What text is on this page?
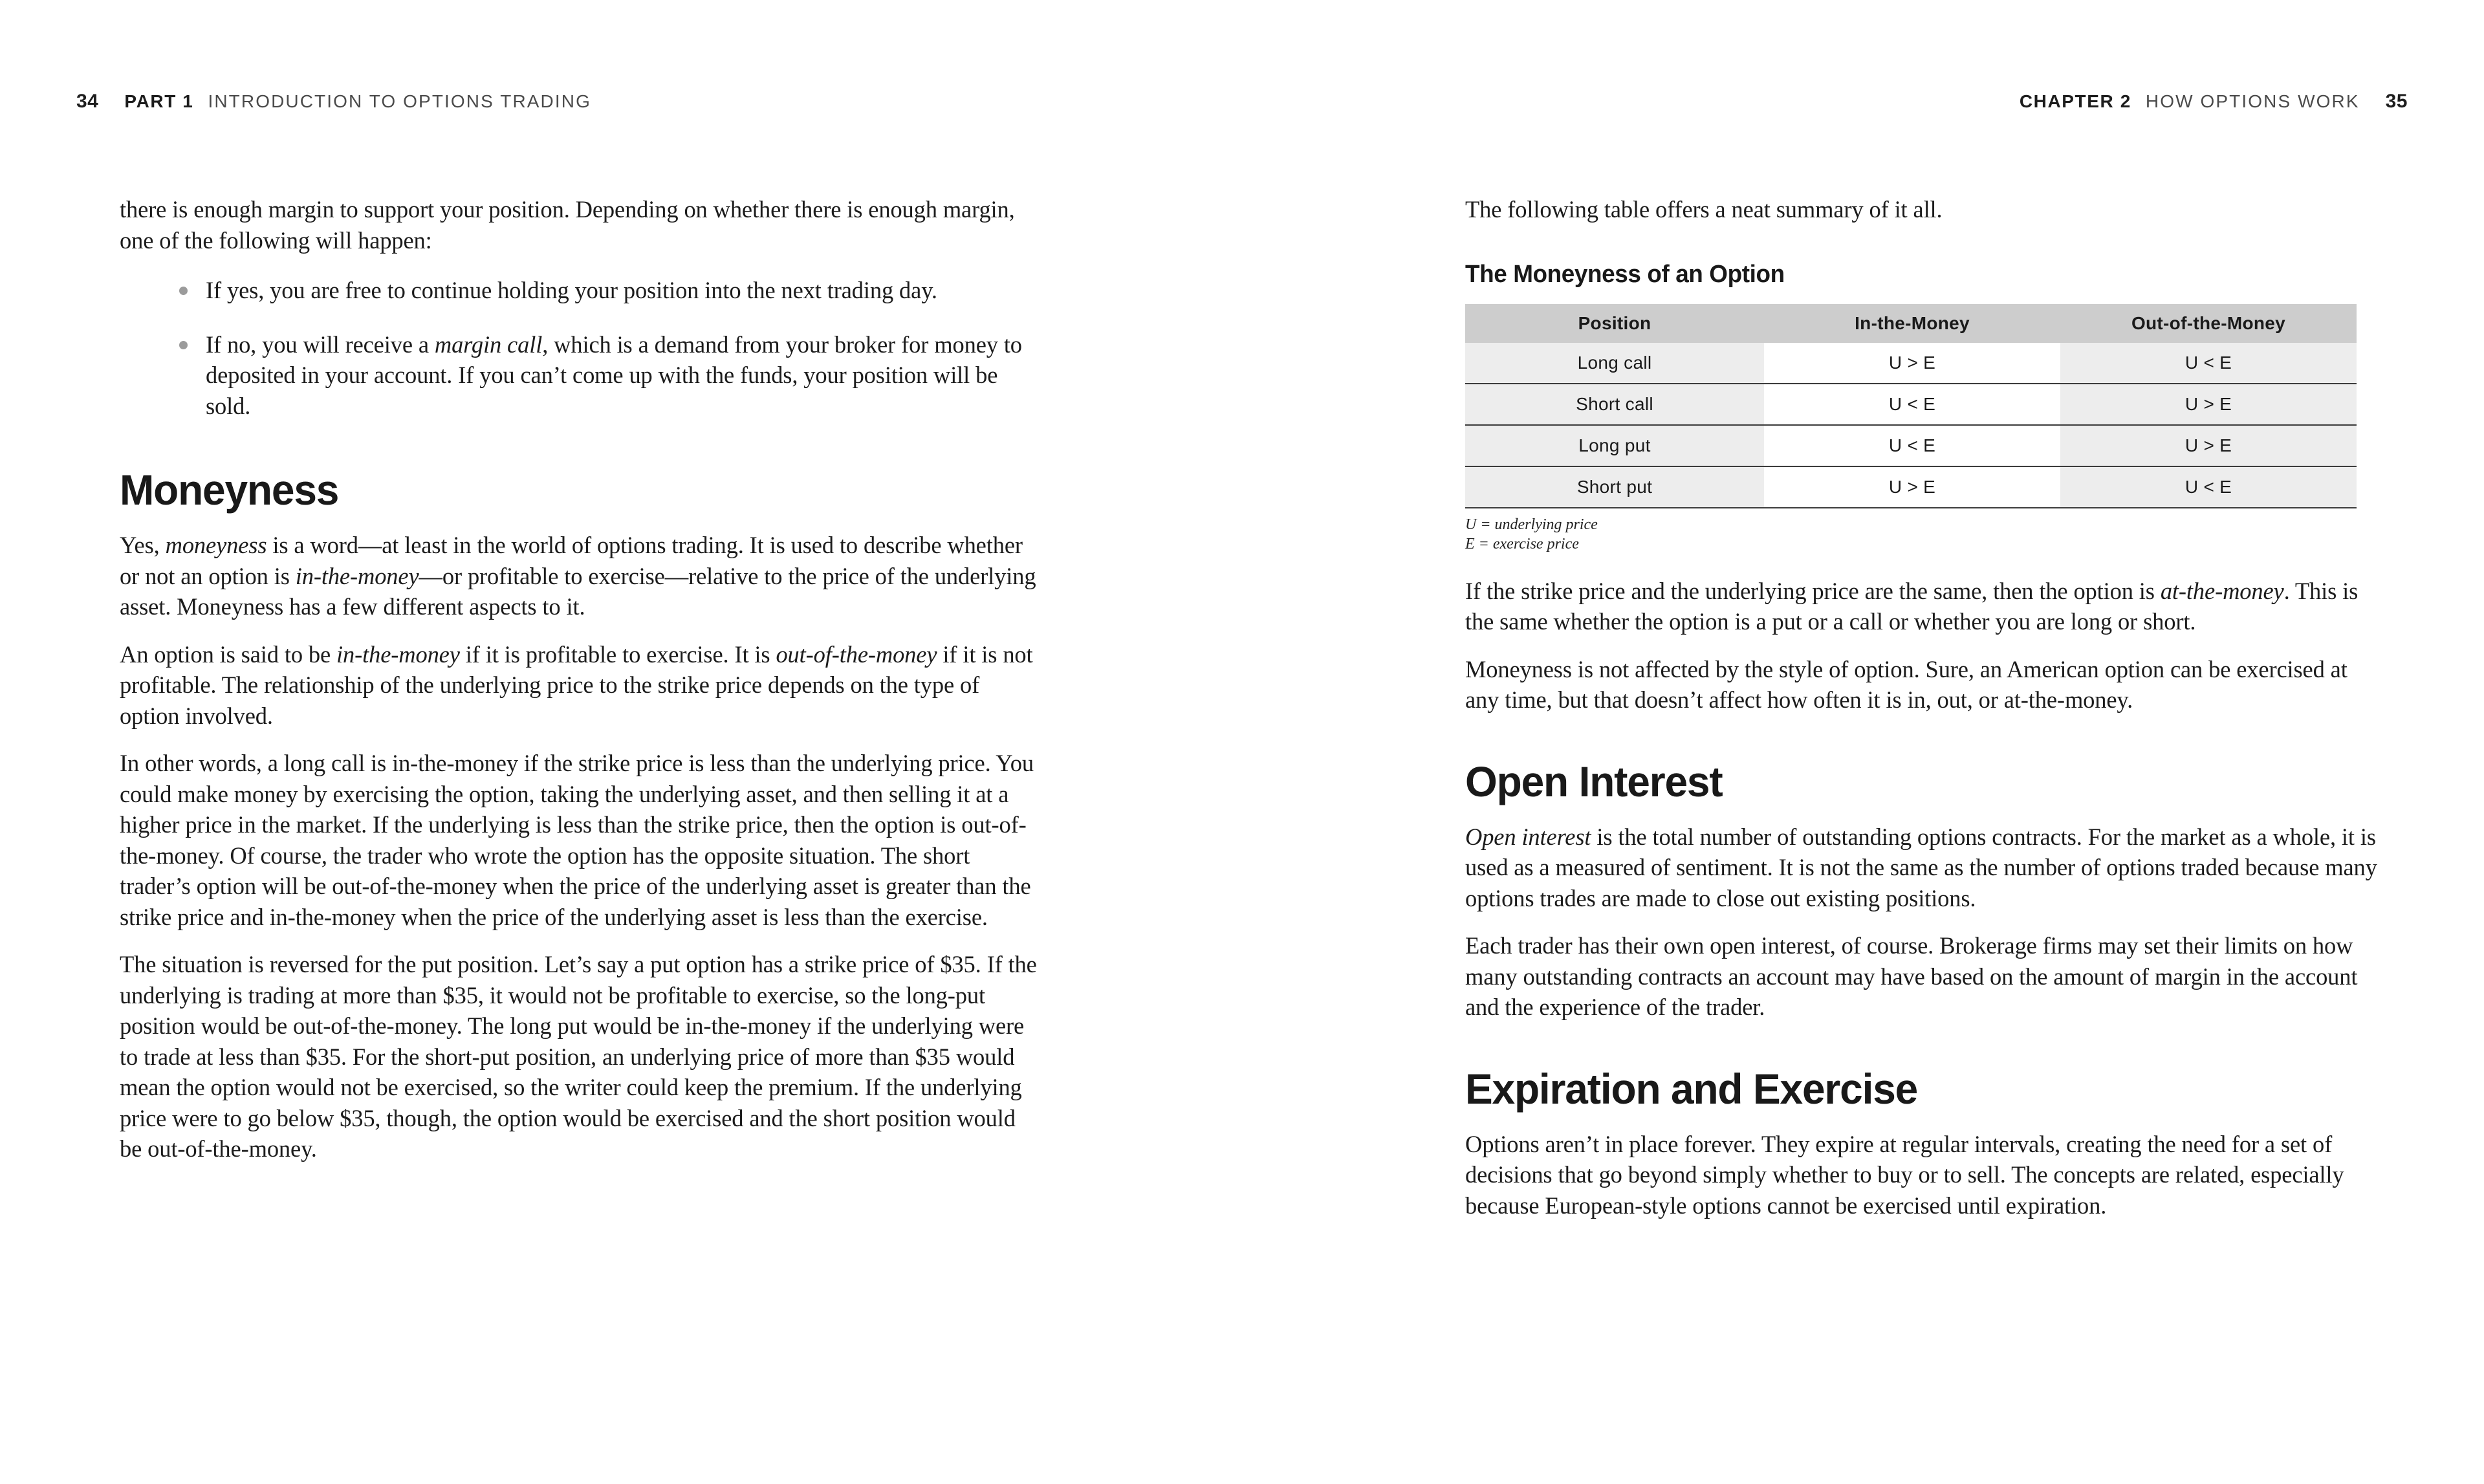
34 PART 1 INTRODUCTION TO OPTIONS TRADING	CHAPTER 2 HOW OPTIONS WORK 35

there is enough margin to support your position. Depending on whether there is enough margin, one of the following will happen:

If yes, you are free to continue holding your position into the next trading day.
If no, you will receive a margin call, which is a demand from your broker for money to deposited in your account. If you can’t come up with the funds, your position will be sold.
Moneyness

Yes, moneyness is a word—at least in the world of options trading. It is used to describe whether or not an option is in-the-money—or profitable to exercise—relative to the price of the underlying asset. Moneyness has a few different aspects to it.

An option is said to be in-the-money if it is profitable to exercise. It is out-of-the-money if it is not profitable. The relationship of the underlying price to the strike price depends on the type of option involved.

In other words, a long call is in-the-money if the strike price is less than the underlying price. You could make money by exercising the option, taking the underlying asset, and then selling it at a higher price in the market. If the underlying is less than the strike price, then the option is out-of-the-money. Of course, the trader who wrote the option has the opposite situation. The short trader’s option will be out-of-the-money when the price of the underlying asset is greater than the strike price and in-the-money when the price of the underlying asset is less than the exercise.

The situation is reversed for the put position. Let’s say a put option has a strike price of $35. If the underlying is trading at more than $35, it would not be profitable to exercise, so the long-put position would be out-of-the-money. The long put would be in-the-money if the underlying were to trade at less than $35. For the short-put position, an underlying price of more than $35 would mean the option would not be exercised, so the writer could keep the premium. If the underlying price were to go below $35, though, the option would be exercised and the short position would be out-of-the-money.

The following table offers a neat summary of it all.

The Moneyness of an Option
Position	In-the-Money	Out-of-the-Money
Long call	U > E	U < E
Short call	U < E	U > E
Long put	U < E	U > E
Short put	U > E	U < E
U = underlying price
E = exercise price

If the strike price and the underlying price are the same, then the option is at-the-money. This is the same whether the option is a put or a call or whether you are long or short.

Moneyness is not affected by the style of option. Sure, an American option can be exercised at any time, but that doesn’t affect how often it is in, out, or at-the-money.

Open Interest

Open interest is the total number of outstanding options contracts. For the market as a whole, it is used as a measured of sentiment. It is not the same as the number of options traded because many options trades are made to close out existing positions.

Each trader has their own open interest, of course. Brokerage firms may set their limits on how many outstanding contracts an account may have based on the amount of margin in the account and the experience of the trader.

Expiration and Exercise

Options aren’t in place forever. They expire at regular intervals, creating the need for a set of decisions that go beyond simply whether to buy or to sell. The concepts are related, especially because European-style options cannot be exercised until expiration.
